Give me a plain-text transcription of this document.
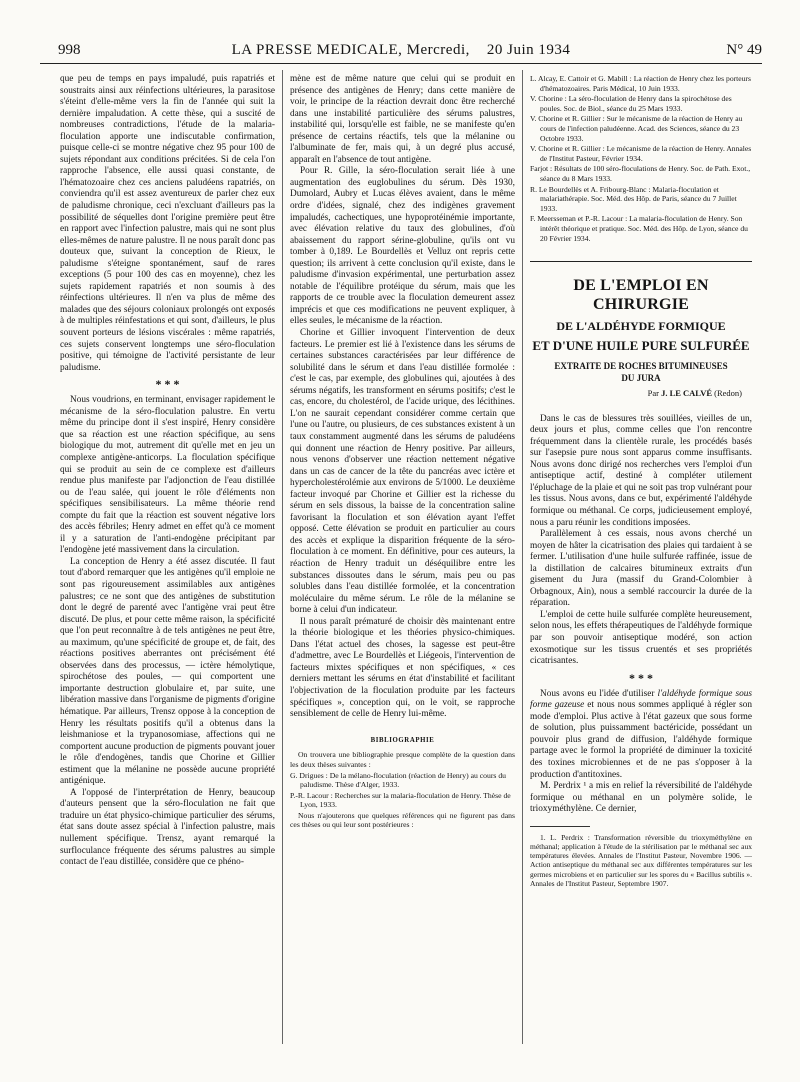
998	LA PRESSE MEDICALE, Mercredi, 20 Juin 1934	N° 49

que peu de temps en pays impaludé, puis rapatriés et soustraits ainsi aux réinfections ultérieures, la parasitose s'éteint d'elle-même vers la fin de l'année qui suit la dernière impaludation. A cette thèse, qui a suscité de nombreuses contradictions, l'étude de la malaria-floculation apporte une indiscutable confirmation, puisque celle-ci se montre négative chez 95 pour 100 de sujets répondant aux conditions précitées. Si de cela l'on rapproche l'absence, elle aussi quasi constante, de l'hématozoaire chez ces anciens paludéens rapatriés, on conviendra qu'il est assez aventureux de parler chez eux de paludisme chronique, ceci n'excluant d'ailleurs pas la possibilité de séquelles dont l'origine première peut être en rapport avec l'infection palustre, mais qui ne sont plus elles-mêmes de nature palustre. Il ne nous paraît donc pas douteux que, suivant la conception de Rieux, le paludisme s'éteigne spontanément, sauf de rares exceptions (5 pour 100 des cas en moyenne), chez les sujets rapidement rapatriés et non soumis à des réinfections ultérieures. Il n'en va plus de même des malades que des séjours coloniaux prolongés ont exposés à de multiples réinfestations et qui sont, d'ailleurs, le plus souvent porteurs de lésions viscérales : même rapatriés, ces sujets conservent longtemps une séro-floculation positive, qui témoigne de l'activité persistante de leur paludisme.

* * *

Nous voudrions, en terminant, envisager rapidement le mécanisme de la séro-floculation palustre. En vertu même du principe dont il s'est inspiré, Henry considère que sa réaction est une réaction spécifique, au sens biologique du mot, autrement dit qu'elle met en jeu un complexe antigène-anticorps. La floculation spécifique qui se produit au sein de ce complexe est d'ailleurs rendue plus manifeste par l'adjonction de l'eau distillée ou de l'eau salée, qui jouent le rôle d'éléments non spécifiques sensibilisateurs. La même théorie rend compte du fait que la réaction est souvent négative lors des accès fébriles; Henry admet en effet qu'à ce moment il y a saturation de l'anti-endogène précipitant par l'endogène jeté massivement dans la circulation.

La conception de Henry a été assez discutée. Il faut tout d'abord remarquer que les antigènes qu'il emploie ne sont pas rigoureusement assimilables aux antigènes palustres; ce ne sont que des antigènes de substitution dont le degré de parenté avec l'antigène vrai peut être discuté. De plus, et pour cette même raison, la spécificité que l'on peut reconnaître à de tels antigènes ne peut être, au maximum, qu'une spécificité de groupe et, de fait, des réactions positives aberrantes ont précisément été observées dans des processus, — ictère hémolytique, spirochétose des poules, — qui comportent une importante destruction globulaire et, par suite, une libération massive dans l'organisme de pigments d'origine hématique. Par ailleurs, Trensz oppose à la conception de Henry les résultats positifs qu'il a obtenus dans la leishmaniose et la trypanosomiase, affections qui ne comportent aucune production de pigments pouvant jouer le rôle d'endogènes, tandis que Chorine et Gillier estiment que la mélanine ne possède aucune propriété antigénique.

A l'opposé de l'interprétation de Henry, beaucoup d'auteurs pensent que la séro-floculation ne fait que traduire un état physico-chimique particulier des sérums, état sans doute assez spécial à l'infection palustre, mais nullement spécifique. Trensz, ayant remarqué la surfloculance fréquente des sérums palustres au simple contact de l'eau distillée, considère que ce phéno-

mène est de même nature que celui qui se produit en présence des antigènes de Henry; dans cette manière de voir, le principe de la réaction devrait donc être recherché dans une instabilité particulière des sérums palustres, instabilité qui, lorsqu'elle est faible, ne se manifeste qu'en présence de certains réactifs, tels que la mélanine ou l'albuminate de fer, mais qui, à un degré plus accusé, apparaît en l'absence de tout antigène.

Pour R. Gille, la séro-floculation serait liée à une augmentation des euglobulines du sérum. Dès 1930, Dumolard, Aubry et Lucas élèves avaient, dans le même ordre d'idées, signalé, chez des indigènes gravement impaludés, cachectiques, une hypoprotéinémie importante, avec élévation relative du taux des globulines, d'où abaissement du rapport sérine-globuline, qu'ils ont vu tomber à 0,189. Le Bourdellès et Velluz ont repris cette question; ils arrivent à cette conclusion qu'il existe, dans le paludisme d'invasion expérimental, une perturbation assez notable de l'équilibre protéique du sérum, mais que les rapports de ce trouble avec la floculation demeurent assez imprécis et que ces modifications ne peuvent expliquer, à elles seules, le mécanisme de la réaction.

Chorine et Gillier invoquent l'intervention de deux facteurs. Le premier est lié à l'existence dans les sérums de certaines substances caractérisées par leur différence de solubilité dans le sérum et dans l'eau distillée formolée : c'est le cas, par exemple, des globulines qui, ajoutées à des sérums négatifs, les transforment en sérums positifs; c'est le cas, encore, du cholestérol, de l'acide urique, des lécithines. L'on ne saurait cependant considérer comme certain que l'une ou l'autre, ou plusieurs, de ces substances existent à un taux constamment augmenté dans les sérums de paludéens qui donnent une réaction de Henry positive. Par ailleurs, nous venons d'observer une réaction nettement négative dans un cas de cancer de la tête du pancréas avec ictère et hypercholestérolémie aux environs de 5/1000. Le deuxième facteur invoqué par Chorine et Gillier est la richesse du sérum en sels dissous, la baisse de la concentration saline favorisant la floculation et son élévation ayant l'effet opposé. Cette élévation se produit en particulier au cours des accès et explique la disparition fréquente de la séro-floculation à ce moment. En définitive, pour ces auteurs, la réaction de Henry traduit un déséquilibre entre les substances dissoutes dans le sérum, mais peu ou pas solubles dans l'eau distillée formolée, et la concentration moléculaire du même sérum. Le rôle de la mélanine se borne à celui d'un indicateur.

Il nous paraît prématuré de choisir dès maintenant entre la théorie biologique et les théories physico-chimiques. Dans l'état actuel des choses, la sagesse est peut-être d'admettre, avec Le Bourdellès et Liégeois, l'intervention de facteurs mixtes spécifiques et non spécifiques, « ces derniers mettant les sérums en état d'instabilité et facilitant l'objectivation de la floculation produite par les facteurs spécifiques », conception qui, on le voit, se rapproche sensiblement de celle de Henry lui-même.

BIBLIOGRAPHIE

On trouvera une bibliographie presque complète de la question dans les deux thèses suivantes :

G. Drigues : De la mélano-floculation (réaction de Henry) au cours du paludisme. Thèse d'Alger, 1933.

P.-R. Lacour : Recherches sur la malaria-floculation de Henry. Thèse de Lyon, 1933.

Nous n'ajouterons que quelques références qui ne figurent pas dans ces thèses ou qui leur sont postérieures :

L. Alcay, E. Cattoir et G. Mabill : La réaction de Henry chez les porteurs d'hématozoaires. Paris Médical, 10 Juin 1933.

V. Chorine : La séro-floculation de Henry dans la spirochétose des poules. Soc. de Biol., séance du 25 Mars 1933.

V. Chorine et R. Gillier : Sur le mécanisme de la réaction de Henry au cours de l'infection paludéenne. Acad. des Sciences, séance du 23 Octobre 1933.

V. Chorine et R. Gillier : Le mécanisme de la réaction de Henry. Annales de l'Institut Pasteur, Février 1934.

Farjot : Résultats de 100 séro-floculations de Henry. Soc. de Path. Exot., séance du 8 Mars 1933.

R. Le Bourdellès et A. Fribourg-Blanc : Malaria-floculation et malariathérapie. Soc. Méd. des Hôp. de Paris, séance du 7 Juillet 1933.

F. Meersseman et P.-R. Lacour : La malaria-floculation de Henry. Son intérêt théorique et pratique. Soc. Méd. des Hôp. de Lyon, séance du 20 Février 1934.

DE L'EMPLOI EN CHIRURGIE
DE L'ALDÉHYDE FORMIQUE
ET D'UNE HUILE PURE SULFURÉE
EXTRAITE DE ROCHES BITUMINEUSES
DU JURA
Par J. LE CALVÉ (Redon)

Dans le cas de blessures très souillées, vieilles de un, deux jours et plus, comme celles que l'on rencontre fréquemment dans la clientèle rurale, les procédés basés sur l'asepsie pure nous sont apparus comme insuffisants. Nous avons donc dirigé nos recherches vers l'emploi d'un antiseptique actif, destiné à compléter utilement l'épluchage de la plaie et qui ne soit pas trop vulnérant pour les tissus. Nous avons, dans ce but, expérimenté l'aldéhyde formique ou méthanal. Ce corps, judicieusement employé, nous a paru réunir les conditions imposées.

Parallèlement à ces essais, nous avons cherché un moyen de hâter la cicatrisation des plaies qui tardaient à se fermer. L'utilisation d'une huile sulfurée raffinée, issue de la distillation de calcaires bitumineux extraits d'un gisement du Jura (massif du Grand-Colombier à Orbagnoux, Ain), nous a semblé raccourcir la durée de la réparation.

L'emploi de cette huile sulfurée complète heureusement, selon nous, les effets thérapeutiques de l'aldéhyde formique par son pouvoir antiseptique modéré, son action exosmotique sur les tissus cruentés et ses propriétés cicatrisantes.

* * *

Nous avons eu l'idée d'utiliser l'aldéhyde formique sous forme gazeuse et nous nous sommes appliqué à régler son mode d'emploi. Plus active à l'état gazeux que sous forme de solution, plus puissamment bactéricide, possédant un pouvoir plus grand de diffusion, l'aldéhyde formique partage avec le formol la propriété de diminuer la toxicité des toxines microbiennes et de ne pas s'opposer à la production d'antitoxines.

M. Perdrix ¹ a mis en relief la réversibilité de l'aldéhyde formique ou méthanal en un polymère solide, le trioxyméthylène. Ce dernier,

1. L. Perdrix : Transformation réversible du trioxyméthylène en méthanal; application à l'étude de la stérilisation par le méthanal sec aux températures élevées. Annales de l'Institut Pasteur, Novembre 1906. — Action antiseptique du méthanal sec aux différentes températures sur les germes microbiens et en particulier sur les spores du « Bacillus subtilis ». Annales de l'Institut Pasteur, Septembre 1907.
